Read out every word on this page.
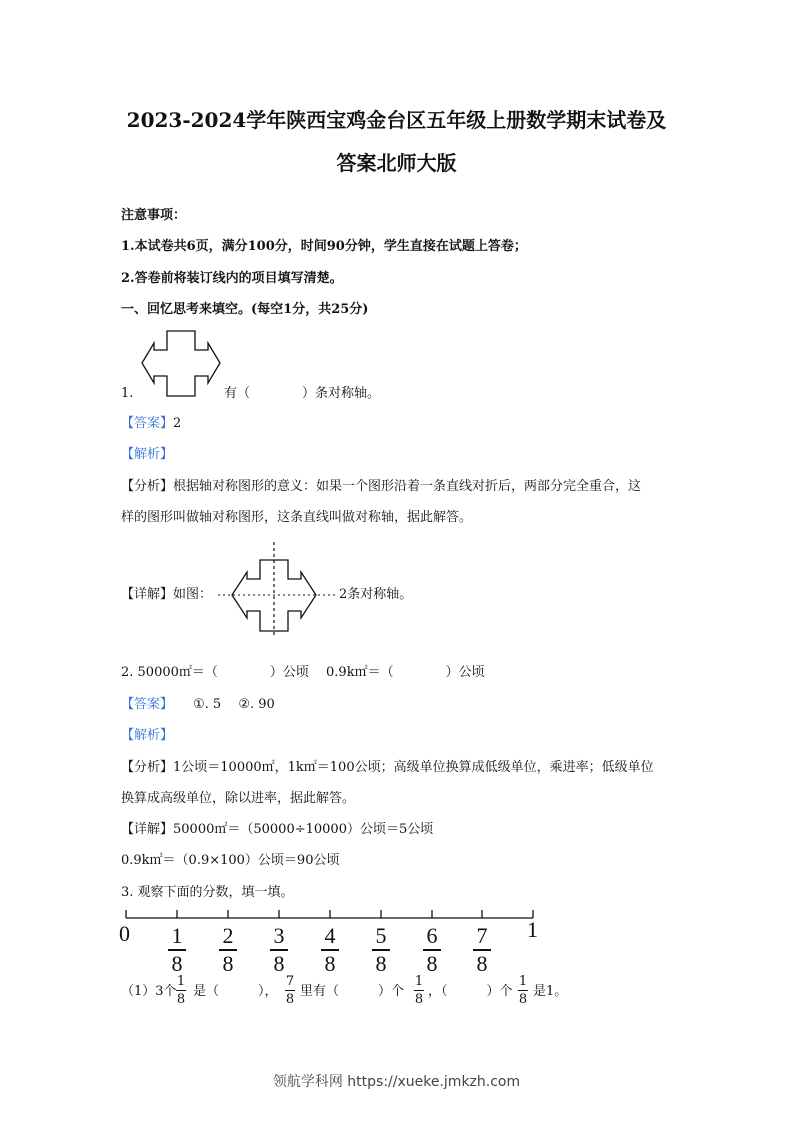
2023-2024学年陕西宝鸡金台区五年级上册数学期末试卷及
答案北师大版
注意事项：
1.本试卷共6页，满分100分，时间90分钟，学生直接在试题上答卷；
2.答卷前将装订线内的项目填写清楚。
一、回忆思考来填空。(每空1分，共25分)
1.	有（　　　　）条对称轴。
【答案】2
【解析】
【分析】根据轴对称图形的意义：如果一个图形沿着一条直线对折后，两部分完全重合，这
样的图形叫做轴对称图形，这条直线叫做对称轴，据此解答。
【详解】如图：	2条对称轴。
2. 50000㎡＝（　　　　）公顷　 0.9k㎡＝（　　　　）公顷
【答案】 ①. 5　 ②. 90
【解析】
【分析】1公顷＝10000㎡，1k㎡＝100公顷；高级单位换算成低级单位，乘进率；低级单位
换算成高级单位，除以进率，据此解答。
【详解】50000㎡＝（50000÷10000）公顷＝5公顷
0.9k㎡＝（0.9×100）公顷＝90公顷
3. 观察下面的分数，填一填。
0	1
1
8
2
8
3
8
4
8
5
8
6
8
7
8
（1）3个
1
8
是（　　　），
7
8
里有（　　　）个
1
8
，（　　　）个
1
8
是1。
领航学科网 https://xueke.jmkzh.com
